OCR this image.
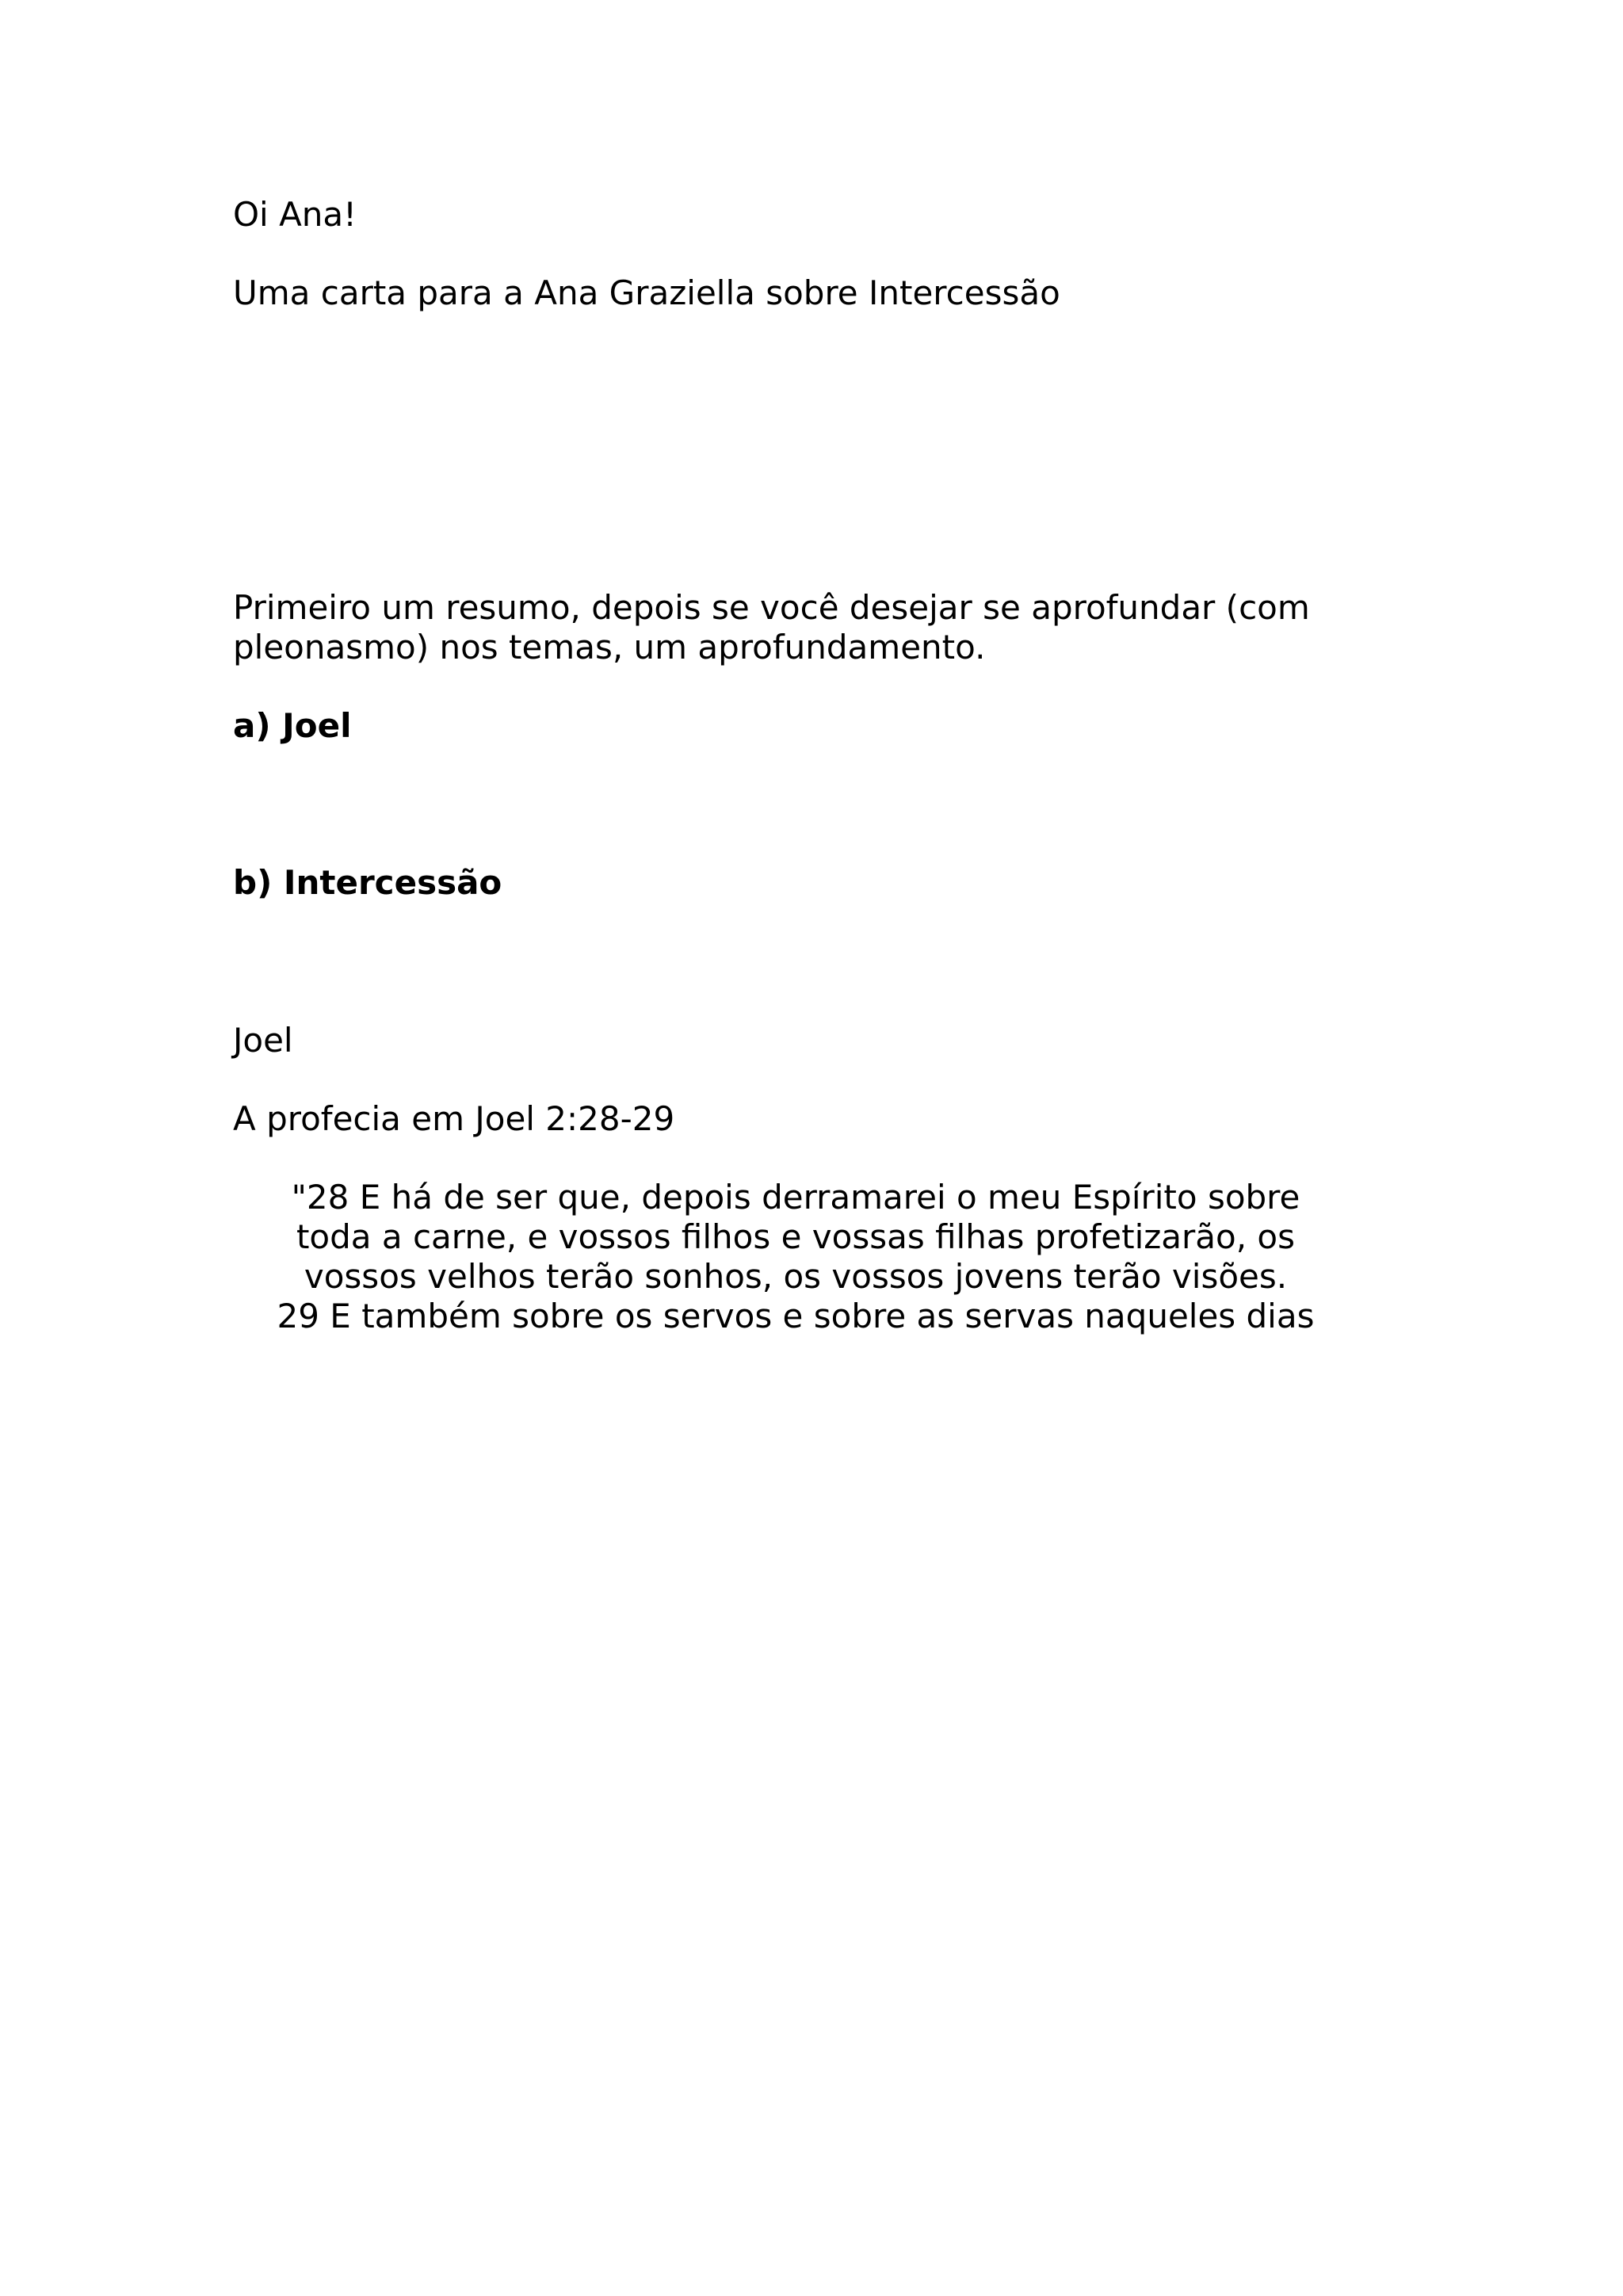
Oi Ana!
Uma carta para a Ana Graziella sobre Intercessão
Primeiro um resumo, depois se você desejar se aprofundar (com
pleonasmo) nos temas, um aprofundamento.
a) Joel
b) Intercessão
Joel
A profecia em Joel 2:28-29
"28 E há de ser que, depois derramarei o meu Espírito sobre
toda a carne, e vossos filhos e vossas filhas profetizarão, os
vossos velhos terão sonhos, os vossos jovens terão visões.
29 E também sobre os servos e sobre as servas naqueles dias
